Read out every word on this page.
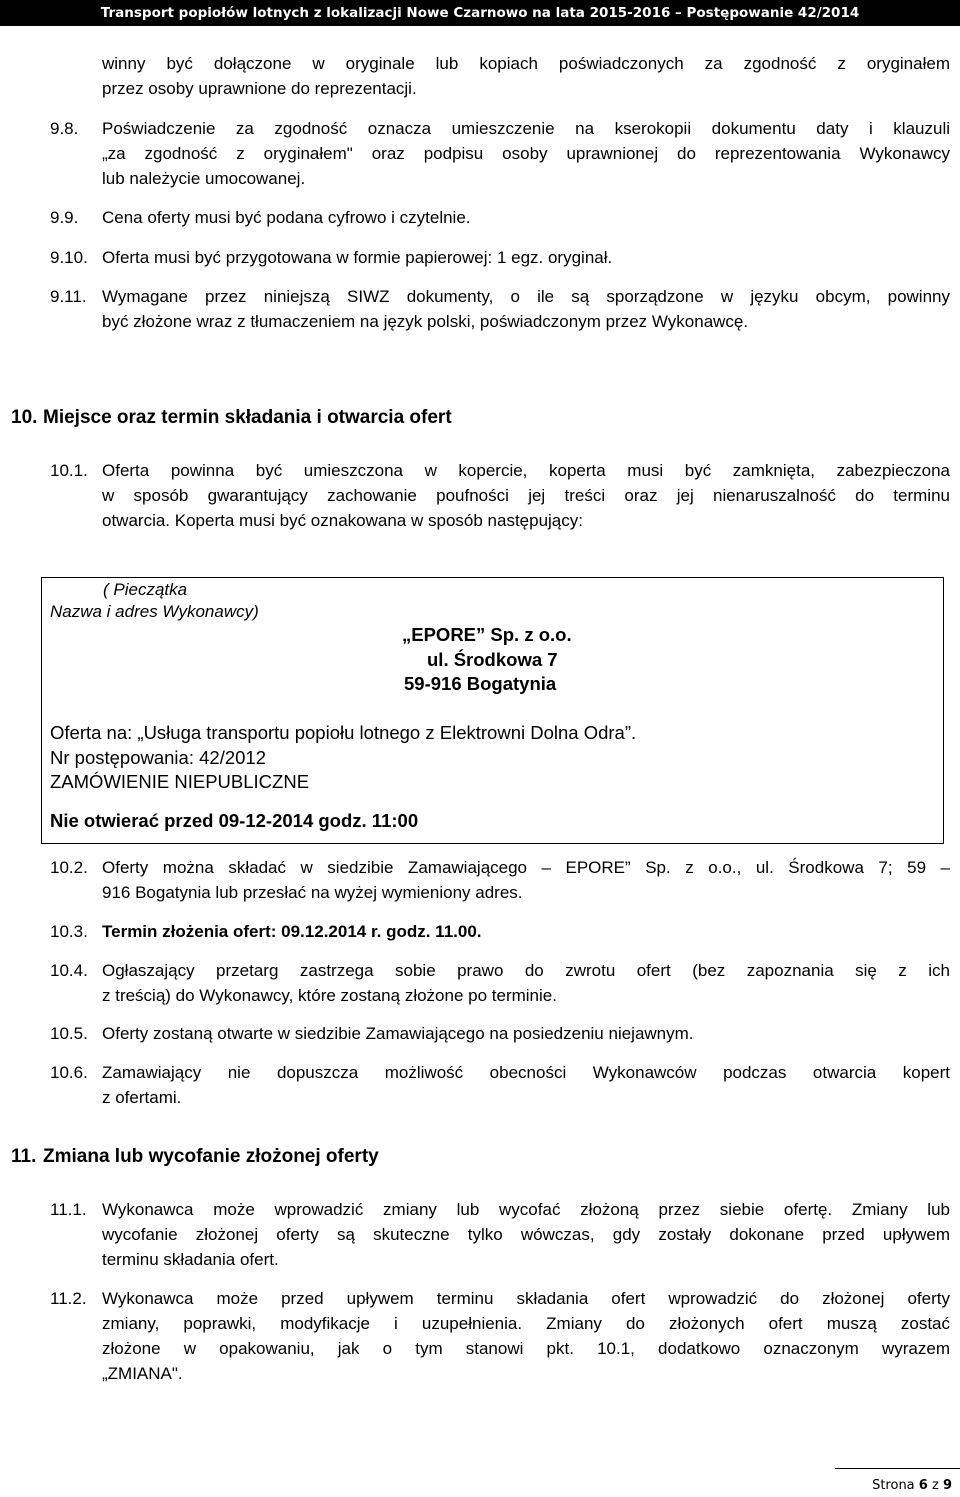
Transport popiołów lotnych z lokalizacji Nowe Czarnowo na lata 2015-2016 – Postępowanie 42/2014
winny być dołączone w oryginale lub kopiach poświadczonych za zgodność z oryginałem
przez osoby uprawnione do reprezentacji.
9.8. Poświadczenie za zgodność oznacza umieszczenie na kserokopii dokumentu daty i klauzuli
„za zgodność z oryginałem" oraz podpisu osoby uprawnionej do reprezentowania Wykonawcy
lub należycie umocowanej.
9.9. Cena oferty musi być podana cyfrowo i czytelnie.
9.10. Oferta musi być przygotowana w formie papierowej: 1 egz. oryginał.
9.11. Wymagane przez niniejszą SIWZ dokumenty, o ile są sporządzone w języku obcym, powinny
być złożone wraz z tłumaczeniem na język polski, poświadczonym przez Wykonawcę.
10. Miejsce oraz termin składania i otwarcia ofert
10.1. Oferta powinna być umieszczona w kopercie, koperta musi być zamknięta, zabezpieczona
w sposób gwarantujący zachowanie poufności jej treści oraz jej nienaruszalność do terminu
otwarcia. Koperta musi być oznakowana w sposób następujący:
( Pieczątka
Nazwa i adres Wykonawcy)
„EPORE” Sp. z o.o.
ul. Środkowa 7
59-916 Bogatynia
Oferta na: „Usługa transportu popiołu lotnego z Elektrowni Dolna Odra”.
Nr postępowania: 42/2012
ZAMÓWIENIE NIEPUBLICZNE
Nie otwierać przed 09-12-2014 godz. 11:00
10.2. Oferty można składać w siedzibie Zamawiającego – EPORE” Sp. z o.o., ul. Środkowa 7; 59 –
916 Bogatynia lub przesłać na wyżej wymieniony adres.
10.3. Termin złożenia ofert: 09.12.2014 r. godz. 11.00.
10.4. Ogłaszający przetarg zastrzega sobie prawo do zwrotu ofert (bez zapoznania się z ich
z treścią) do Wykonawcy, które zostaną złożone po terminie.
10.5. Oferty zostaną otwarte w siedzibie Zamawiającego na posiedzeniu niejawnym.
10.6. Zamawiający nie dopuszcza możliwość obecności Wykonawców podczas otwarcia kopert
z ofertami.
11. Zmiana lub wycofanie złożonej oferty
11.1. Wykonawca może wprowadzić zmiany lub wycofać złożoną przez siebie ofertę. Zmiany lub
wycofanie złożonej oferty są skuteczne tylko wówczas, gdy zostały dokonane przed upływem
terminu składania ofert.
11.2. Wykonawca może przed upływem terminu składania ofert wprowadzić do złożonej oferty
zmiany, poprawki, modyfikacje i uzupełnienia. Zmiany do złożonych ofert muszą zostać
złożone w opakowaniu, jak o tym stanowi pkt. 10.1, dodatkowo oznaczonym wyrazem
„ZMIANA".
Strona 6 z 9
